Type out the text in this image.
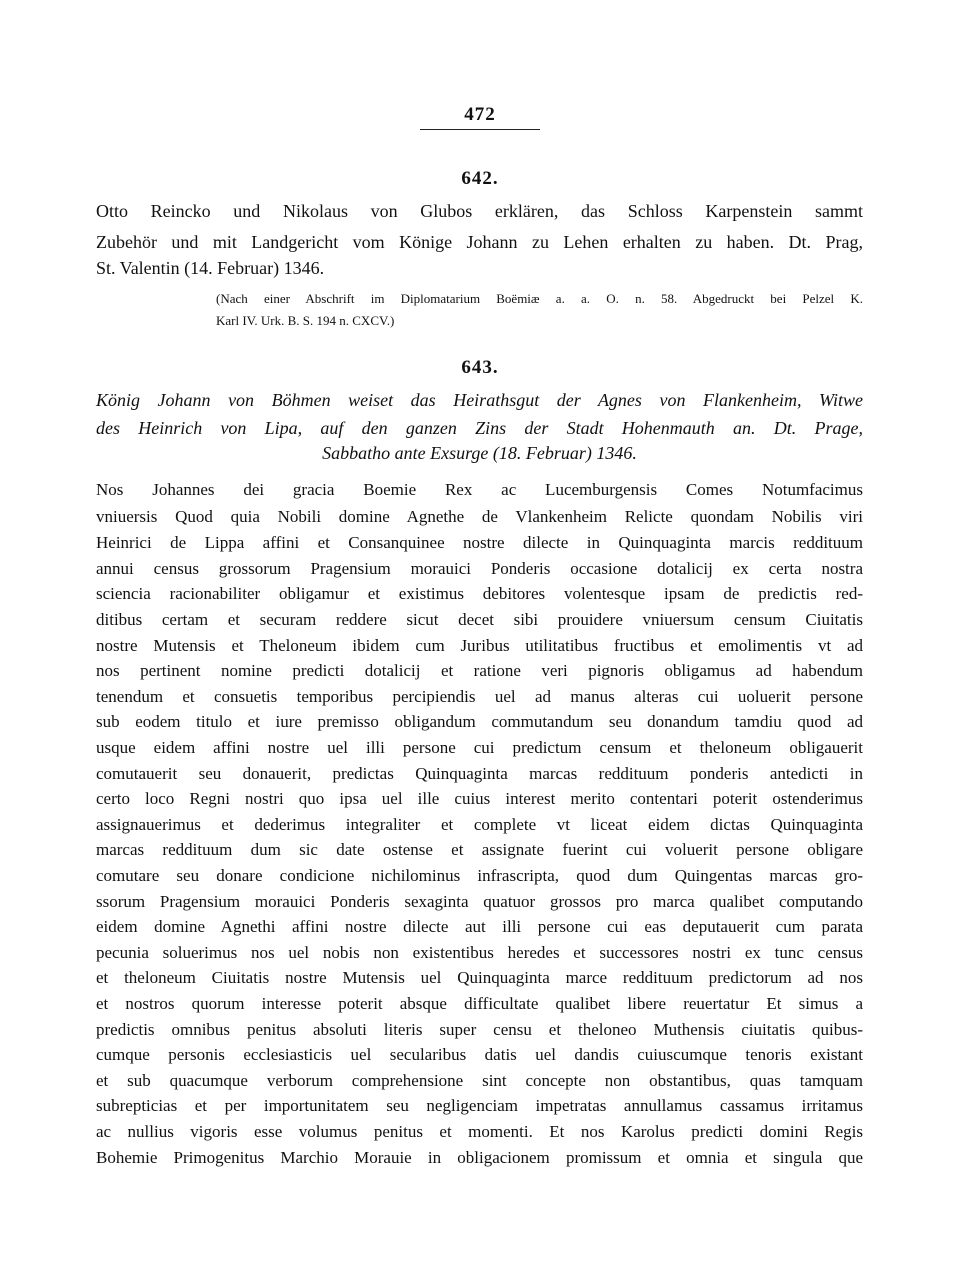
472
642.
Otto Reincko und Nikolaus von Glubos erklären, das Schloss Karpenstein sammt
Zubehör und mit Landgericht vom Könige Johann zu Lehen erhalten zu haben. Dt. Prag,
St. Valentin (14. Februar) 1346.
(Nach einer Abschrift im Diplomatarium Boëmiæ a. a. O. n. 58. Abgedruckt bei Pelzel K.
Karl IV. Urk. B. S. 194 n. CXCV.)
643.
König Johann von Böhmen weiset das Heirathsgut der Agnes von Flankenheim, Witwe
des Heinrich von Lipa, auf den ganzen Zins der Stadt Hohenmauth an. Dt. Prage,
Sabbatho ante Exsurge (18. Februar) 1346.
Nos Johannes dei gracia Boemie Rex ac Lucemburgensis Comes Notumfacimus
vniuersis Quod quia Nobili domine Agnethe de Vlankenheim Relicte quondam Nobilis viri
Heinrici de Lippa affini et Consanquinee nostre dilecte in Quinquaginta marcis reddituum
annui census grossorum Pragensium morauici Ponderis occasione dotalicij ex certa nostra
sciencia racionabiliter obligamur et existimus debitores volentesque ipsam de predictis red-
ditibus certam et securam reddere sicut decet sibi prouidere vniuersum censum Ciuitatis
nostre Mutensis et Theloneum ibidem cum Juribus utilitatibus fructibus et emolimentis vt ad
nos pertinent nomine predicti dotalicij et ratione veri pignoris obligamus ad habendum
tenendum et consuetis temporibus percipiendis uel ad manus alteras cui uoluerit persone
sub eodem titulo et iure premisso obligandum commutandum seu donandum tamdiu quod ad
usque eidem affini nostre uel illi persone cui predictum censum et theloneum obligauerit
comutauerit seu donauerit, predictas Quinquaginta marcas reddituum ponderis antedicti in
certo loco Regni nostri quo ipsa uel ille cuius interest merito contentari poterit ostenderimus
assignauerimus et dederimus integraliter et complete vt liceat eidem dictas Quinquaginta
marcas reddituum dum sic date ostense et assignate fuerint cui voluerit persone obligare
comutare seu donare condicione nichilominus infrascripta, quod dum Quingentas marcas gro-
ssorum Pragensium morauici Ponderis sexaginta quatuor grossos pro marca qualibet computando
eidem domine Agnethi affini nostre dilecte aut illi persone cui eas deputauerit cum parata
pecunia soluerimus nos uel nobis non existentibus heredes et successores nostri ex tunc census
et theloneum Ciuitatis nostre Mutensis uel Quinquaginta marce reddituum predictorum ad nos
et nostros quorum interesse poterit absque difficultate qualibet libere reuertatur Et simus a
predictis omnibus penitus absoluti literis super censu et theloneo Muthensis ciuitatis quibus-
cumque personis ecclesiasticis uel secularibus datis uel dandis cuiuscumque tenoris existant
et sub quacumque verborum comprehensione sint concepte non obstantibus, quas tamquam
subrepticias et per importunitatem seu negligenciam impetratas annullamus cassamus irritamus
ac nullius vigoris esse volumus penitus et momenti. Et nos Karolus predicti domini Regis
Bohemie Primogenitus Marchio Morauie in obligacionem promissum et omnia et singula que
